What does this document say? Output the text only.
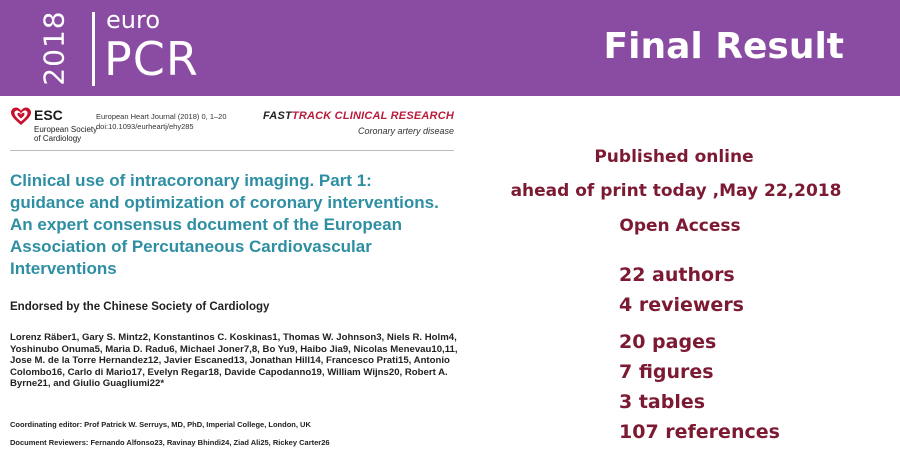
2018 euro
PCR	Final Result
ESC
European Society of Cardiology
European Heart Journal (2018) 0, 1–20
doi:10.1093/eurheartj/ehy285
FASTTRACK CLINICAL RESEARCH
Coronary artery disease
Clinical use of intracoronary imaging. Part 1: guidance and optimization of coronary interventions. An expert consensus document of the European Association of Percutaneous Cardiovascular Interventions
Endorsed by the Chinese Society of Cardiology
Lorenz Räber1, Gary S. Mintz2, Konstantinos C. Koskinas1, Thomas W. Johnson3, Niels R. Holm4, Yoshinubo Onuma5, Maria D. Radu6, Michael Joner7,8, Bo Yu9, Haibo Jia9, Nicolas Menevau10,11, Jose M. de la Torre Hernandez12, Javier Escaned13, Jonathan Hill14, Francesco Prati15, Antonio Colombo16, Carlo di Mario17, Evelyn Regar18, Davide Capodanno19, William Wijns20, Robert A. Byrne21, and Giulio Guagliumi22*
Coordinating editor: Prof Patrick W. Serruys, MD, PhD, Imperial College, London, UK
Document Reviewers: Fernando Alfonso23, Ravinay Bhindi24, Ziad Ali25, Rickey Carter26
Published online
ahead of print today ,May 22,2018
Open Access
22 authors
4 reviewers
20 pages
7 figures
3 tables
107 references
